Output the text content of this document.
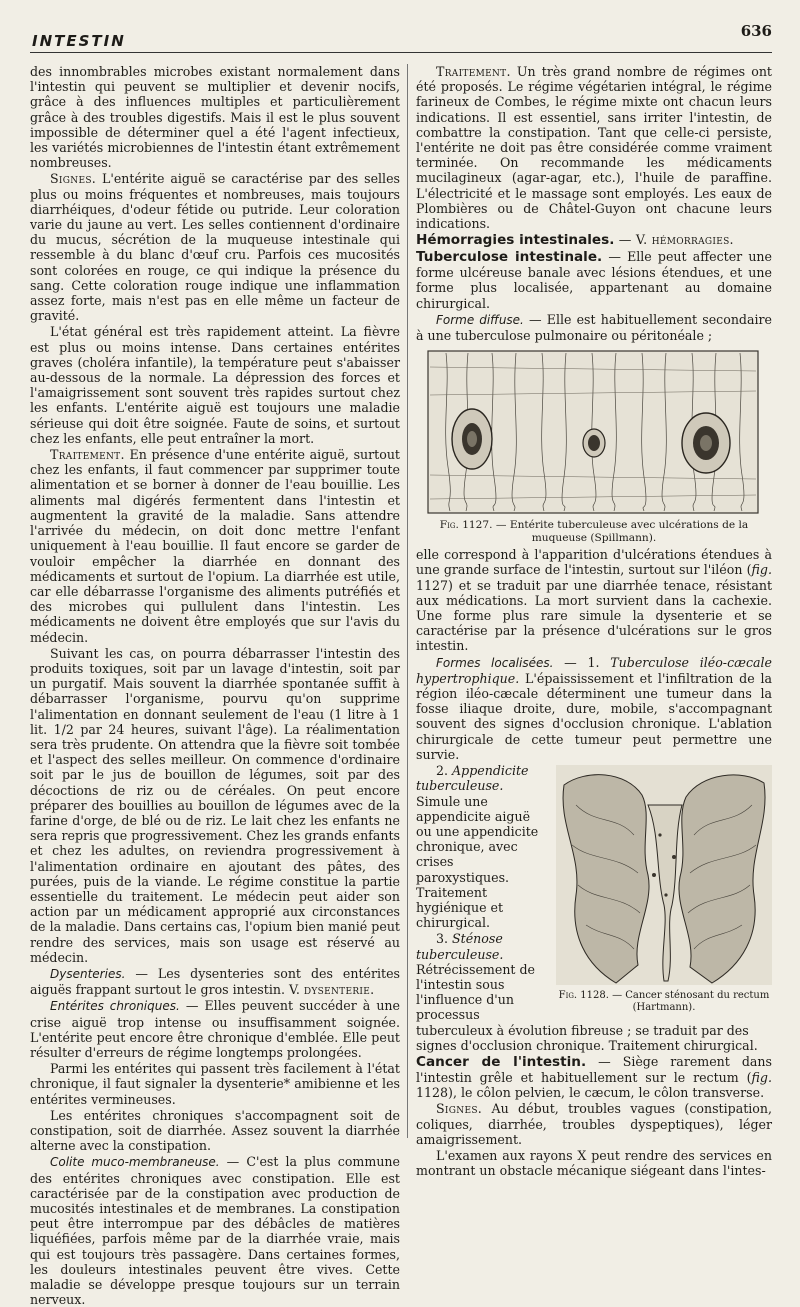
INTESTIN
636

des innombrables microbes existant normalement dans l'intestin qui peuvent se multiplier et devenir nocifs, grâce à des influences multiples et particulièrement grâce à des troubles digestifs. Mais il est le plus souvent impossible de déterminer quel a été l'agent infectieux, les variétés microbiennes de l'intestin étant extrêmement nombreuses.

Signes. L'entérite aiguë se caractérise par des selles plus ou moins fréquentes et nombreuses, mais toujours diarrhéiques, d'odeur fétide ou putride. Leur coloration varie du jaune au vert. Les selles contiennent d'ordinaire du mucus, sécrétion de la muqueuse intestinale qui ressemble à du blanc d'œuf cru. Parfois ces mucosités sont colorées en rouge, ce qui indique la présence du sang. Cette coloration rouge indique une inflammation assez forte, mais n'est pas en elle même un facteur de gravité.

L'état général est très rapidement atteint. La fièvre est plus ou moins intense. Dans certaines entérites graves (choléra infantile), la température peut s'abaisser au-dessous de la normale. La dépression des forces et l'amaigrissement sont souvent très rapides surtout chez les enfants. L'entérite aiguë est toujours une maladie sérieuse qui doit être soignée. Faute de soins, et surtout chez les enfants, elle peut entraîner la mort.

Traitement. En présence d'une entérite aiguë, surtout chez les enfants, il faut commencer par supprimer toute alimentation et se borner à donner de l'eau bouillie. Les aliments mal digérés fermentent dans l'intestin et augmentent la gravité de la maladie. Sans attendre l'arrivée du médecin, on doit donc mettre l'enfant uniquement à l'eau bouillie. Il faut encore se garder de vouloir empêcher la diarrhée en donnant des médicaments et surtout de l'opium. La diarrhée est utile, car elle débarrasse l'organisme des aliments putréfiés et des microbes qui pullulent dans l'intestin. Les médicaments ne doivent être employés que sur l'avis du médecin.

Suivant les cas, on pourra débarrasser l'intestin des produits toxiques, soit par un lavage d'intestin, soit par un purgatif. Mais souvent la diarrhée spontanée suffit à débarrasser l'organisme, pourvu qu'on supprime l'alimentation en donnant seulement de l'eau (1 litre à 1 lit. 1/2 par 24 heures, suivant l'âge). La réalimentation sera très prudente. On attendra que la fièvre soit tombée et l'aspect des selles meilleur. On commence d'ordinaire soit par le jus de bouillon de légumes, soit par des décoctions de riz ou de céréales. On peut encore préparer des bouillies au bouillon de légumes avec de la farine d'orge, de blé ou de riz. Le lait chez les enfants ne sera repris que progressivement. Chez les grands enfants et chez les adultes, on reviendra progressivement à l'alimentation ordinaire en ajoutant des pâtes, des purées, puis de la viande. Le régime constitue la partie essentielle du traitement. Le médecin peut aider son action par un médicament approprié aux circonstances de la maladie. Dans certains cas, l'opium bien manié peut rendre des services, mais son usage est réservé au médecin.

Dysenteries. — Les dysenteries sont des entérites aiguës frappant surtout le gros intestin. V. dysenterie.

Entérites chroniques. — Elles peuvent succéder à une crise aiguë trop intense ou insuffisamment soignée. L'entérite peut encore être chronique d'emblée. Elle peut résulter d'erreurs de régime longtemps prolongées.

Parmi les entérites qui passent très facilement à l'état chronique, il faut signaler la dysenterie* amibienne et les entérites vermineuses.

Les entérites chroniques s'accompagnent soit de constipation, soit de diarrhée. Assez souvent la diarrhée alterne avec la constipation.

Colite muco-membraneuse. — C'est la plus commune des entérites chroniques avec constipation. Elle est caractérisée par de la constipation avec production de mucosités intestinales et de membranes. La constipation peut être interrompue par des débâcles de matières liquéfiées, parfois même par de la diarrhée vraie, mais qui est toujours très passagère. Dans certaines formes, les douleurs intestinales peuvent être vives. Cette maladie se développe presque toujours sur un terrain nerveux.

Traitement. Un très grand nombre de régimes ont été proposés. Le régime végétarien intégral, le régime farineux de Combes, le régime mixte ont chacun leurs indications. Il est essentiel, sans irriter l'intestin, de combattre la constipation. Tant que celle-ci persiste, l'entérite ne doit pas être considérée comme vraiment terminée. On recommande les médicaments mucilagineux (agar-agar, etc.), l'huile de paraffine. L'électricité et le massage sont employés. Les eaux de Plombières ou de Châtel-Guyon ont chacune leurs indications.

Hémorragies intestinales. — V. hémorragies.

Tuberculose intestinale. — Elle peut affecter une forme ulcéreuse banale avec lésions étendues, et une forme plus localisée, appartenant au domaine chirurgical.

Forme diffuse. — Elle est habituellement secondaire à une tuberculose pulmonaire ou péritonéale ;

Fig. 1127. — Entérite tuberculeuse avec ulcérations de la muqueuse (Spillmann).

elle correspond à l'apparition d'ulcérations étendues à une grande surface de l'intestin, surtout sur l'iléon (fig. 1127) et se traduit par une diarrhée tenace, résistant aux médications. La mort survient dans la cachexie. Une forme plus rare simule la dysenterie et se caractérise par la présence d'ulcérations sur le gros intestin.

Formes localisées. — 1. Tuberculose iléo-cæcale hypertrophique. L'épaississement et l'infiltration de la région iléo-cæcale déterminent une tumeur dans la fosse iliaque droite, dure, mobile, s'accompagnant souvent des signes d'occlusion chronique. L'ablation chirurgicale de cette tumeur peut permettre une survie.

Fig. 1128. — Cancer sténosant du rectum (Hartmann).

2. Appendicite tuberculeuse. Simule une appendicite aiguë ou une appendicite chronique, avec crises paroxystiques. Traitement hygiénique et chirurgical.

3. Sténose tuberculeuse. Rétrécissement de l'intestin sous l'influence d'un processus tuberculeux à évolution fibreuse ; se traduit par des signes d'occlusion chronique. Traitement chirurgical.

Cancer de l'intestin. — Siège rarement dans l'intestin grêle et habituellement sur le rectum (fig. 1128), le côlon pelvien, le cæcum, le côlon transverse.

Signes. Au début, troubles vagues (constipation, coliques, diarrhée, troubles dyspeptiques), léger amaigrissement.

L'examen aux rayons X peut rendre des services en montrant un obstacle mécanique siégeant dans l'intes-
